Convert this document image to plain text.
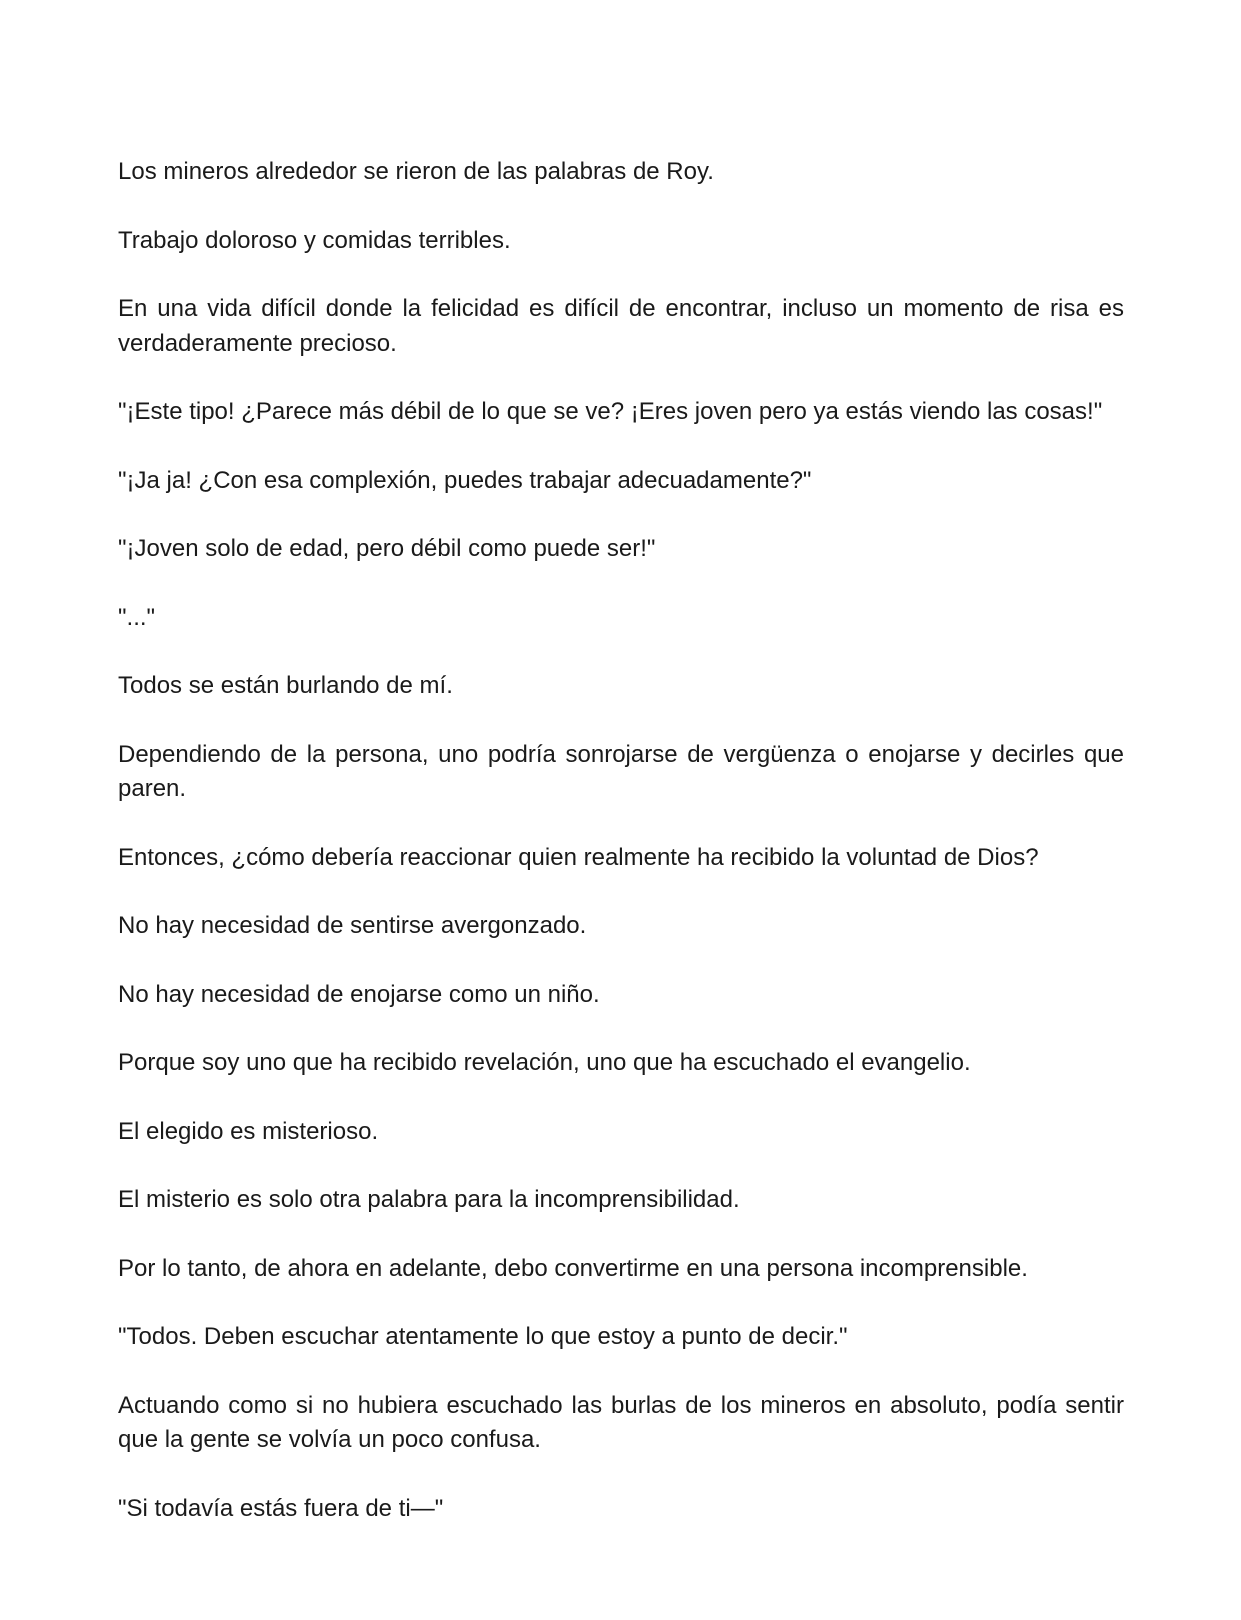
Los mineros alrededor se rieron de las palabras de Roy.

Trabajo doloroso y comidas terribles.

En una vida difícil donde la felicidad es difícil de encontrar, incluso un momento de risa es verdaderamente precioso.

"¡Este tipo! ¿Parece más débil de lo que se ve? ¡Eres joven pero ya estás viendo las cosas!"

"¡Ja ja! ¿Con esa complexión, puedes trabajar adecuadamente?"

"¡Joven solo de edad, pero débil como puede ser!"

"..."

Todos se están burlando de mí.

Dependiendo de la persona, uno podría sonrojarse de vergüenza o enojarse y decirles que paren.

Entonces, ¿cómo debería reaccionar quien realmente ha recibido la voluntad de Dios?

No hay necesidad de sentirse avergonzado.

No hay necesidad de enojarse como un niño.

Porque soy uno que ha recibido revelación, uno que ha escuchado el evangelio.

El elegido es misterioso.

El misterio es solo otra palabra para la incomprensibilidad.

Por lo tanto, de ahora en adelante, debo convertirme en una persona incomprensible.

"Todos. Deben escuchar atentamente lo que estoy a punto de decir."

Actuando como si no hubiera escuchado las burlas de los mineros en absoluto, podía sentir que la gente se volvía un poco confusa.

"Si todavía estás fuera de ti—"
